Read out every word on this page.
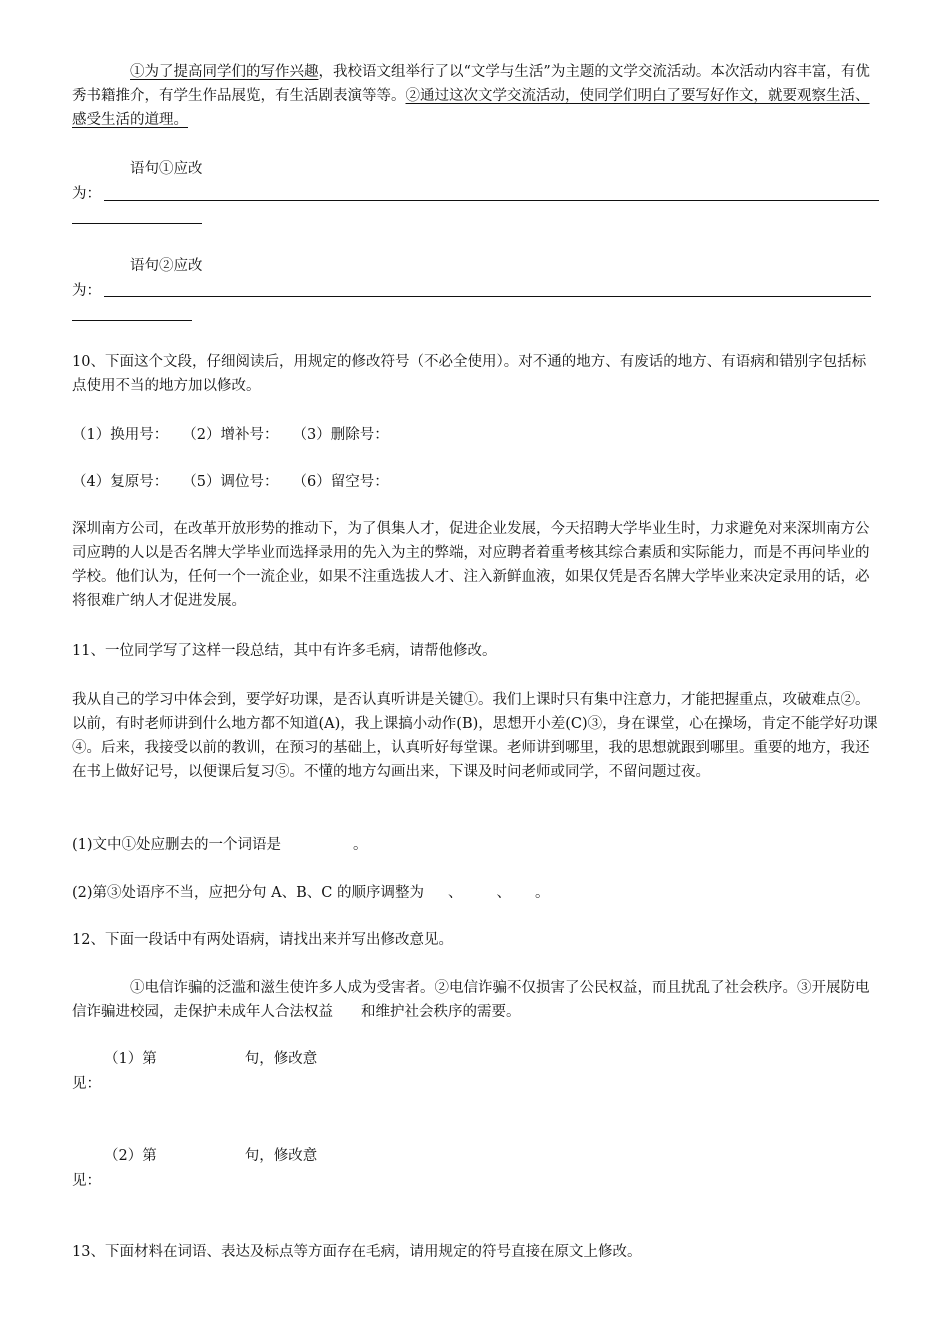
①为了提高同学们的写作兴趣，我校语文组举行了以“文学与生活”为主题的文学交流活动。本次活动内容丰富，有优秀书籍推介，有学生作品展览，有生活剧表演等等。②通过这次文学交流活动，使同学们明白了要写好作文，就要观察生活、感受生活的道理。
语句①应改
为：
语句②应改
为：
10、下面这个文段，仔细阅读后，用规定的修改符号（不必全使用）。对不通的地方、有废话的地方、有语病和错别字包括标点使用不当的地方加以修改。
（1）换用号： （2）增补号： （3）删除号：
（4）复原号： （5）调位号： （6）留空号：
深圳南方公司，在改革开放形势的推动下，为了俱集人才，促进企业发展，今天招聘大学毕业生时，力求避免对来深圳南方公司应聘的人以是否名牌大学毕业而选择录用的先入为主的弊端，对应聘者着重考核其综合素质和实际能力，而是不再问毕业的学校。他们认为，任何一个一流企业，如果不注重选拔人才、注入新鲜血液，如果仅凭是否名牌大学毕业来决定录用的话，必将很难广纳人才促进发展。
11、一位同学写了这样一段总结，其中有许多毛病，请帮他修改。
我从自己的学习中体会到，要学好功课，是否认真听讲是关键①。我们上课时只有集中注意力，才能把握重点，攻破难点②。以前，有时老师讲到什么地方都不知道(A)，我上课搞小动作(B)，思想开小差(C)③，身在课堂，心在操场，肯定不能学好功课④。后来，我接受以前的教训，在预习的基础上，认真听好每堂课。老师讲到哪里，我的思想就跟到哪里。重要的地方，我还在书上做好记号，以便课后复习⑤。不懂的地方勾画出来，下课及时问老师或同学，不留问题过夜。
(1)文中①处应删去的一个词语是	。
(2)第③处语序不当，应把分句 A、B、C 的顺序调整为 、 、 。
12、下面一段话中有两处语病，请找出来并写出修改意见。
①电信诈骗的泛滥和滋生使许多人成为受害者。②电信诈骗不仅损害了公民权益，而且扰乱了社会秩序。③开展防电信诈骗进校园，走保护未成年人合法权益 和维护社会秩序的需要。
（1）第	句，修改意
见：
（2）第	句，修改意
见：
13、下面材料在词语、表达及标点等方面存在毛病，请用规定的符号直接在原文上修改。
